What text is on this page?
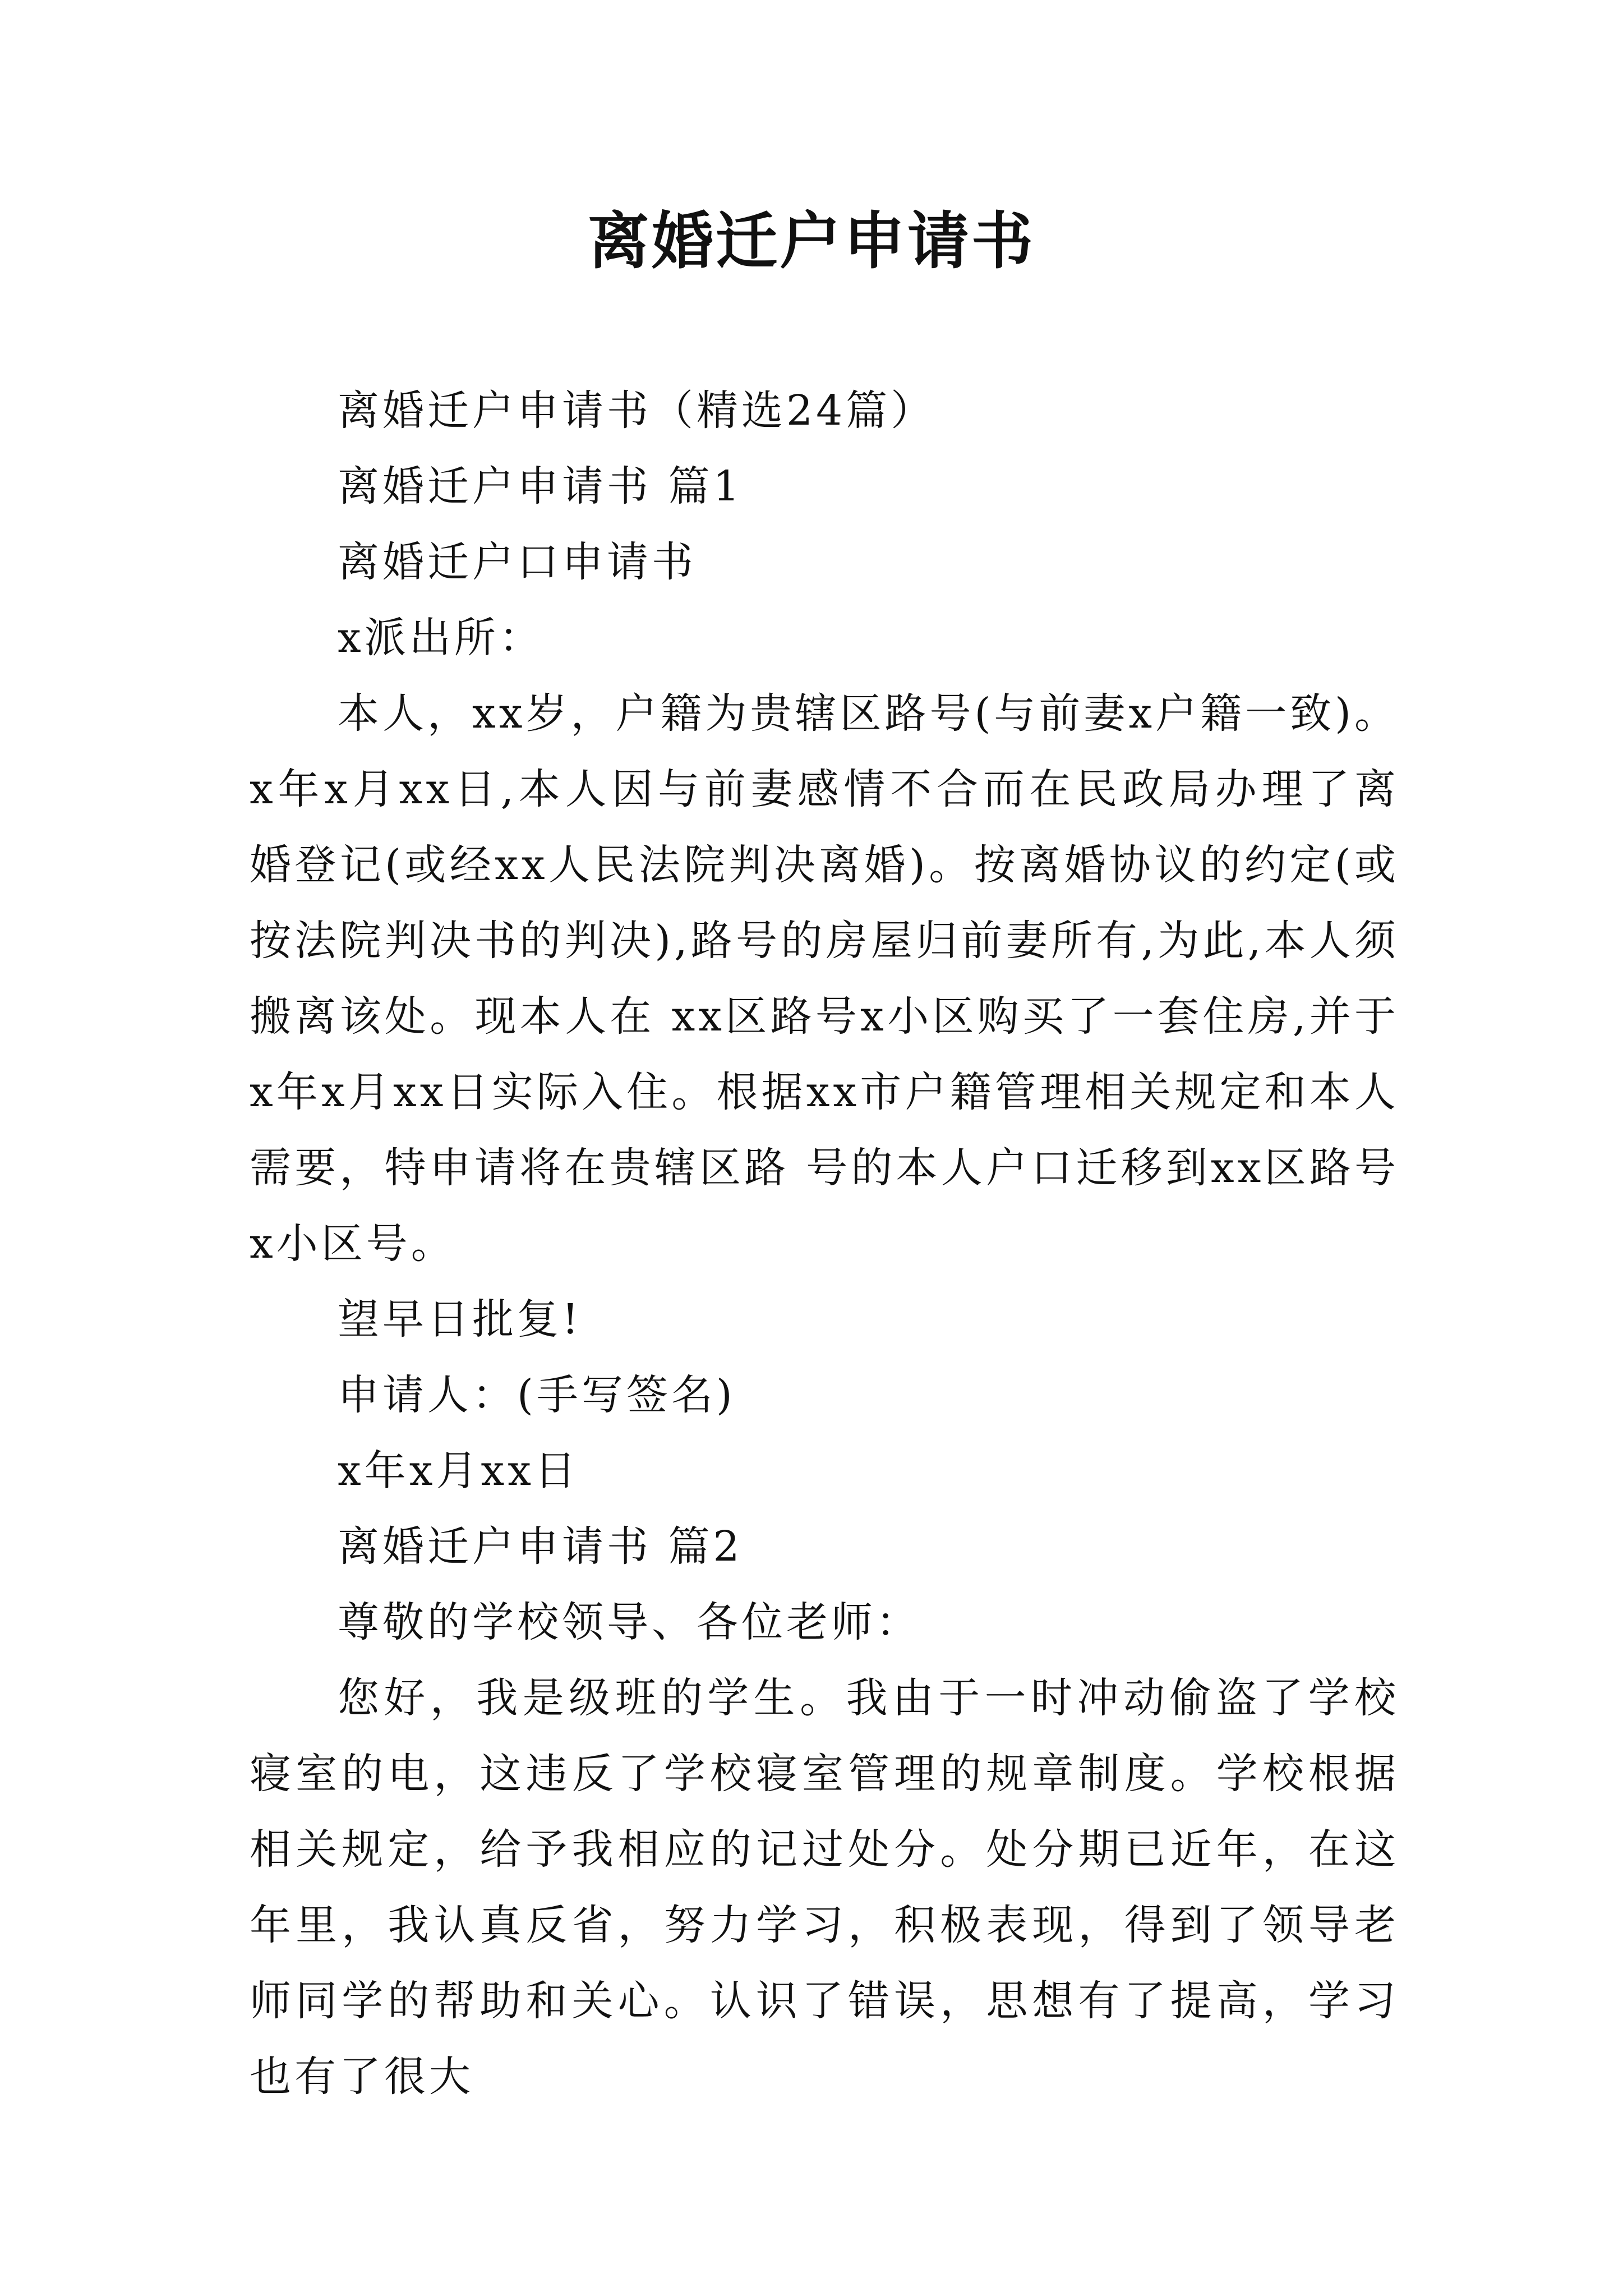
离婚迁户申请书

离婚迁户申请书（精选24篇）

离婚迁户申请书 篇1

离婚迁户口申请书

x派出所：

本人，xx岁，户籍为贵辖区路号(与前妻x户籍一致)。x年x月xx日,本人因与前妻感情不合而在民政局办理了离婚登记(或经xx人民法院判决离婚)。按离婚协议的约定(或按法院判决书的判决),路号的房屋归前妻所有,为此,本人须搬离该处。现本人在 xx区路号x小区购买了一套住房,并于x年x月xx日实际入住。根据xx市户籍管理相关规定和本人需要，特申请将在贵辖区路 号的本人户口迁移到xx区路号x小区号。

望早日批复!

申请人：(手写签名)

x年x月xx日

离婚迁户申请书 篇2

尊敬的学校领导、各位老师：

您好，我是级班的学生。我由于一时冲动偷盗了学校寝室的电，这违反了学校寝室管理的规章制度。学校根据相关规定，给予我相应的记过处分。处分期已近年，在这年里，我认真反省，努力学习，积极表现，得到了领导老师同学的帮助和关心。认识了错误，思想有了提高，学习也有了很大
